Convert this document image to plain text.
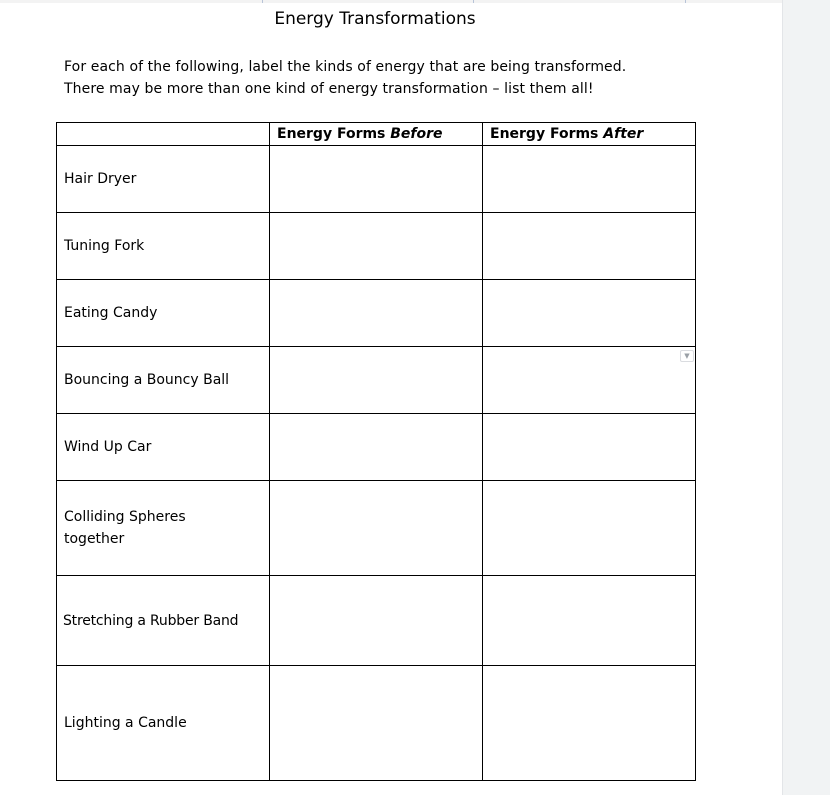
Energy Transformations
For each of the following, label the kinds of energy that are being transformed.
There may be more than one kind of energy transformation – list them all!
	Energy Forms Before	Energy Forms After
Hair Dryer		
Tuning Fork		
Eating Candy		
Bouncing a Bouncy Ball		
Wind Up Car		
Colliding Spheres together		
Stretching a Rubber Band		
Lighting a Candle		
▼
